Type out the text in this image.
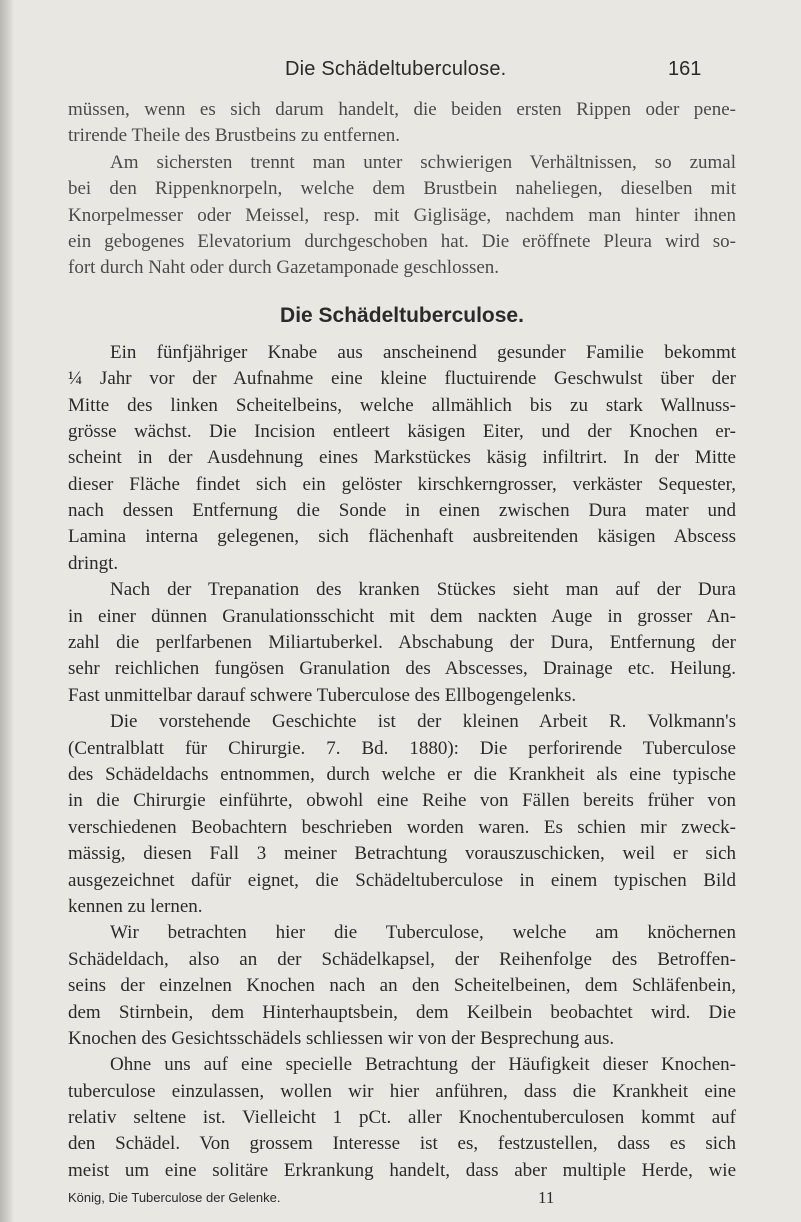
Die Schädeltuberculose.	161
müssen, wenn es sich darum handelt, die beiden ersten Rippen oder pene-
trirende Theile des Brustbeins zu entfernen.
Am sichersten trennt man unter schwierigen Verhältnissen, so zumal
bei den Rippenknorpeln, welche dem Brustbein naheliegen, dieselben mit
Knorpelmesser oder Meissel, resp. mit Giglisäge, nachdem man hinter ihnen
ein gebogenes Elevatorium durchgeschoben hat. Die eröffnete Pleura wird so-
fort durch Naht oder durch Gazetamponade geschlossen.
Die Schädeltuberculose.
Ein fünfjähriger Knabe aus anscheinend gesunder Familie bekommt
¼ Jahr vor der Aufnahme eine kleine fluctuirende Geschwulst über der
Mitte des linken Scheitelbeins, welche allmählich bis zu stark Wallnuss-
grösse wächst. Die Incision entleert käsigen Eiter, und der Knochen er-
scheint in der Ausdehnung eines Markstückes käsig infiltrirt. In der Mitte
dieser Fläche findet sich ein gelöster kirschkerngrosser, verkäster Sequester,
nach dessen Entfernung die Sonde in einen zwischen Dura mater und
Lamina interna gelegenen, sich flächenhaft ausbreitenden käsigen Abscess
dringt.
Nach der Trepanation des kranken Stückes sieht man auf der Dura
in einer dünnen Granulationsschicht mit dem nackten Auge in grosser An-
zahl die perlfarbenen Miliartuberkel. Abschabung der Dura, Entfernung der
sehr reichlichen fungösen Granulation des Abscesses, Drainage etc. Heilung.
Fast unmittelbar darauf schwere Tuberculose des Ellbogengelenks.
Die vorstehende Geschichte ist der kleinen Arbeit R. Volkmann's
(Centralblatt für Chirurgie. 7. Bd. 1880): Die perforirende Tuberculose
des Schädeldachs entnommen, durch welche er die Krankheit als eine typische
in die Chirurgie einführte, obwohl eine Reihe von Fällen bereits früher von
verschiedenen Beobachtern beschrieben worden waren. Es schien mir zweck-
mässig, diesen Fall 3 meiner Betrachtung vorauszuschicken, weil er sich
ausgezeichnet dafür eignet, die Schädeltuberculose in einem typischen Bild
kennen zu lernen.
Wir betrachten hier die Tuberculose, welche am knöchernen
Schädeldach, also an der Schädelkapsel, der Reihenfolge des Betroffen-
seins der einzelnen Knochen nach an den Scheitelbeinen, dem Schläfenbein,
dem Stirnbein, dem Hinterhauptsbein, dem Keilbein beobachtet wird. Die
Knochen des Gesichtsschädels schliessen wir von der Besprechung aus.
Ohne uns auf eine specielle Betrachtung der Häufigkeit dieser Knochen-
tuberculose einzulassen, wollen wir hier anführen, dass die Krankheit eine
relativ seltene ist. Vielleicht 1 pCt. aller Knochentuberculosen kommt auf
den Schädel. Von grossem Interesse ist es, festzustellen, dass es sich
meist um eine solitäre Erkrankung handelt, dass aber multiple Herde, wie
König, Die Tuberculose der Gelenke.	11
